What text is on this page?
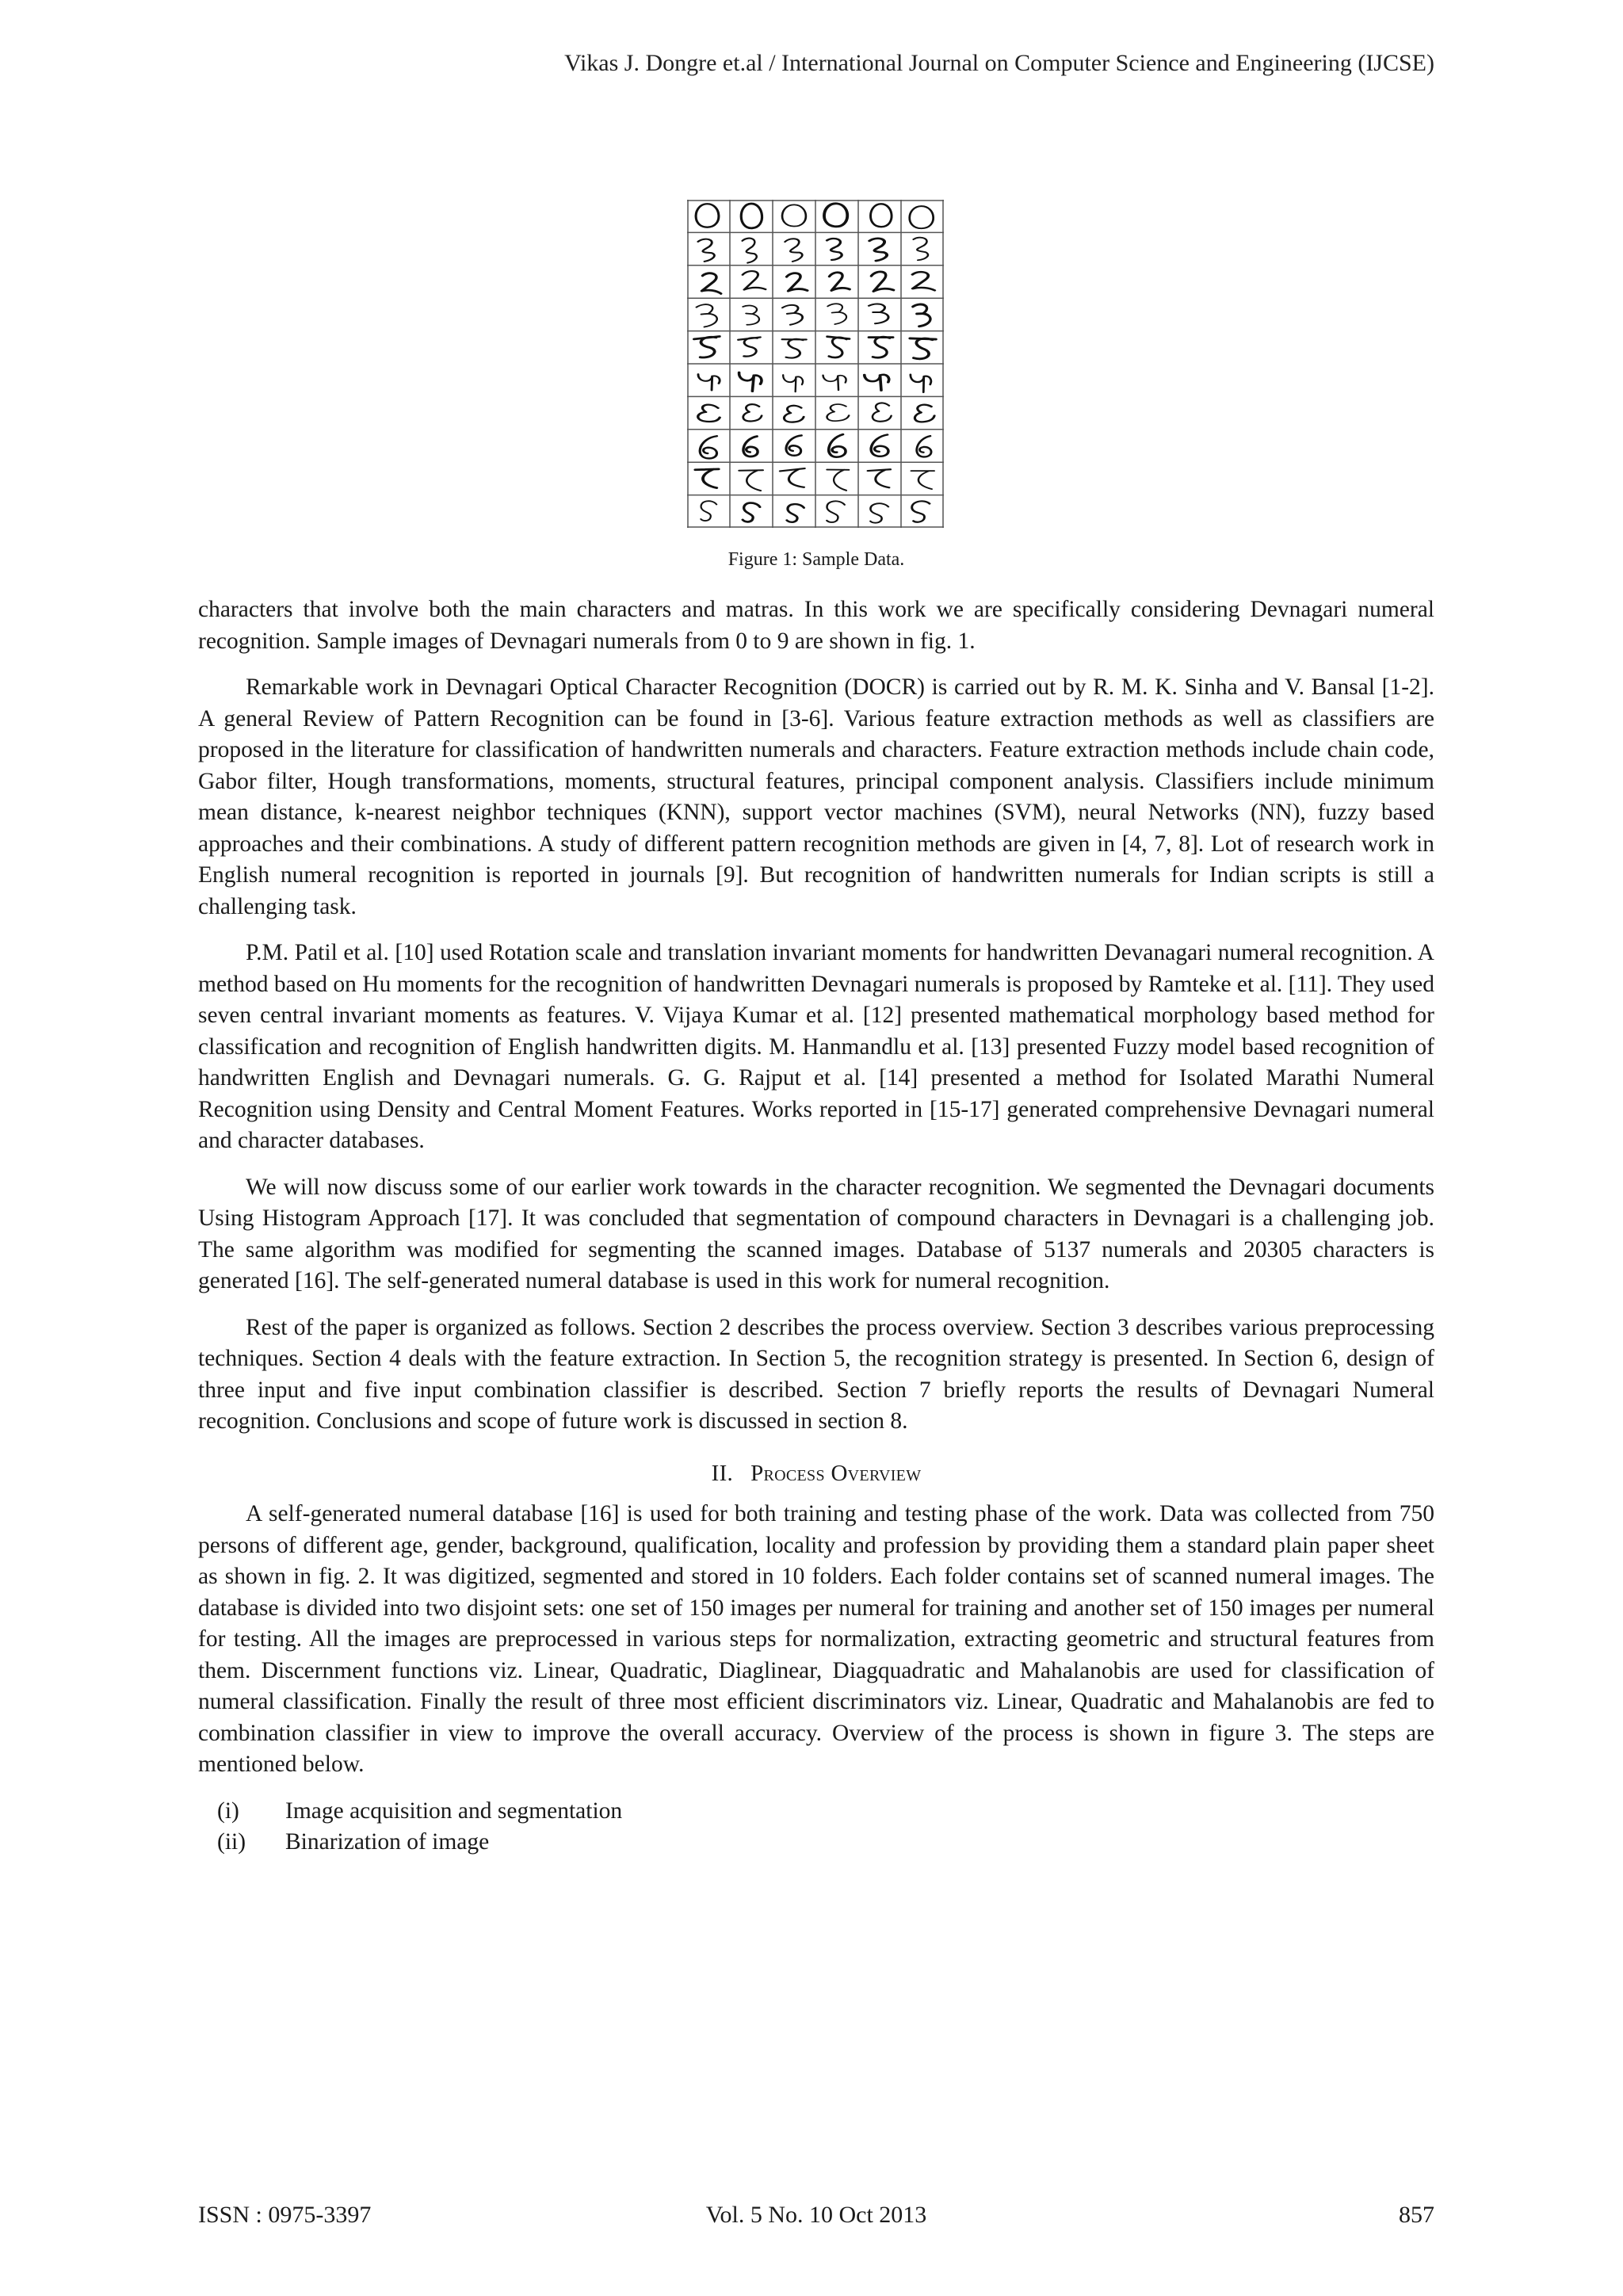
Vikas J. Dongre et.al / International Journal on Computer Science and Engineering (IJCSE)
Figure 1: Sample Data.

characters that involve both the main characters and matras. In this work we are specifically considering Devnagari numeral recognition. Sample images of Devnagari numerals from 0 to 9 are shown in fig. 1.

Remarkable work in Devnagari Optical Character Recognition (DOCR) is carried out by R. M. K. Sinha and V. Bansal [1-2]. A general Review of Pattern Recognition can be found in [3-6]. Various feature extraction methods as well as classifiers are proposed in the literature for classification of handwritten numerals and characters. Feature extraction methods include chain code, Gabor filter, Hough transformations, moments, structural features, principal component analysis. Classifiers include minimum mean distance, k-nearest neighbor techniques (KNN), support vector machines (SVM), neural Networks (NN), fuzzy based approaches and their combinations. A study of different pattern recognition methods are given in [4, 7, 8]. Lot of research work in English numeral recognition is reported in journals [9]. But recognition of handwritten numerals for Indian scripts is still a challenging task.

P.M. Patil et al. [10] used Rotation scale and translation invariant moments for handwritten Devanagari numeral recognition. A method based on Hu moments for the recognition of handwritten Devnagari numerals is proposed by Ramteke et al. [11]. They used seven central invariant moments as features. V. Vijaya Kumar et al. [12] presented mathematical morphology based method for classification and recognition of English handwritten digits. M. Hanmandlu et al. [13] presented Fuzzy model based recognition of handwritten English and Devnagari numerals. G. G. Rajput et al. [14] presented a method for Isolated Marathi Numeral Recognition using Density and Central Moment Features. Works reported in [15-17] generated comprehensive Devnagari numeral and character databases.

We will now discuss some of our earlier work towards in the character recognition. We segmented the Devnagari documents Using Histogram Approach [17]. It was concluded that segmentation of compound characters in Devnagari is a challenging job. The same algorithm was modified for segmenting the scanned images. Database of 5137 numerals and 20305 characters is generated [16]. The self-generated numeral database is used in this work for numeral recognition.

Rest of the paper is organized as follows. Section 2 describes the process overview. Section 3 describes various preprocessing techniques. Section 4 deals with the feature extraction. In Section 5, the recognition strategy is presented. In Section 6, design of three input and five input combination classifier is described. Section 7 briefly reports the results of Devnagari Numeral recognition. Conclusions and scope of future work is discussed in section 8.

II. Process Overview

A self-generated numeral database [16] is used for both training and testing phase of the work. Data was collected from 750 persons of different age, gender, background, qualification, locality and profession by providing them a standard plain paper sheet as shown in fig. 2. It was digitized, segmented and stored in 10 folders. Each folder contains set of scanned numeral images. The database is divided into two disjoint sets: one set of 150 images per numeral for training and another set of 150 images per numeral for testing. All the images are preprocessed in various steps for normalization, extracting geometric and structural features from them. Discernment functions viz. Linear, Quadratic, Diaglinear, Diagquadratic and Mahalanobis are used for classification of numeral classification. Finally the result of three most efficient discriminators viz. Linear, Quadratic and Mahalanobis are fed to combination classifier in view to improve the overall accuracy. Overview of the process is shown in figure 3. The steps are mentioned below.

(i)	Image acquisition and segmentation
(ii)	Binarization of image
ISSN : 0975-3397	Vol. 5 No. 10 Oct 2013	857
